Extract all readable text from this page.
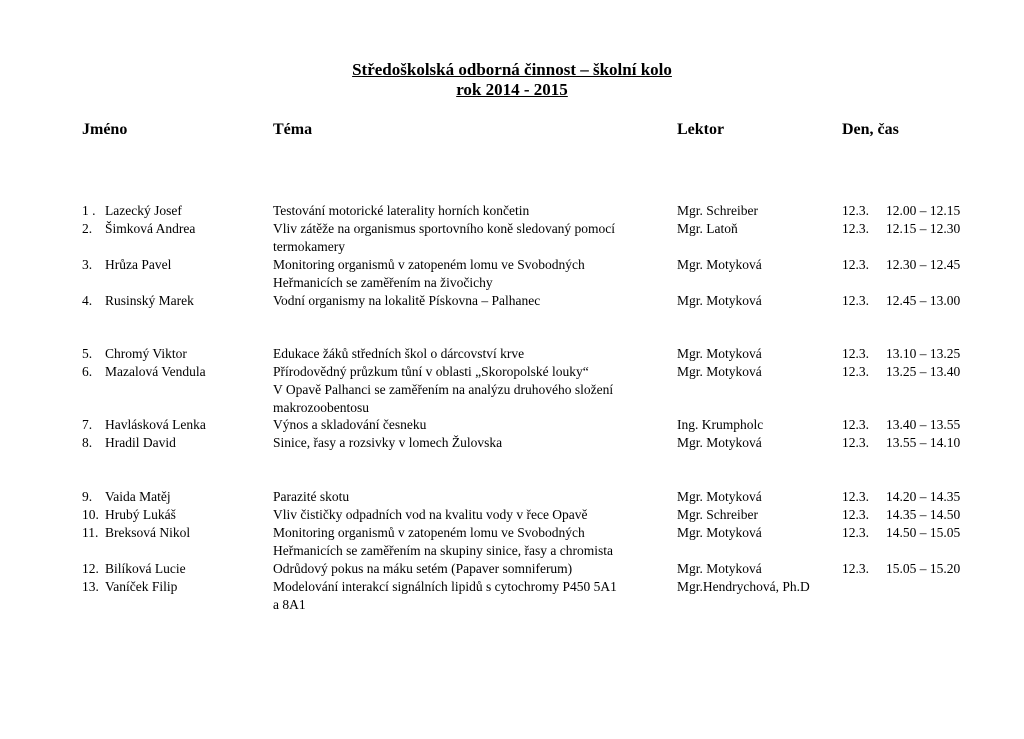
Středoškolská odborná činnost – školní kolo
rok 2014 - 2015
Jméno	Téma	Lektor	Den, čas
1 . Lazecký Josef	Testování motorické laterality horních končetin	Mgr. Schreiber	12.3. 12.00 – 12.15
2. Šimková Andrea	Vliv zátěže na organismus sportovního koně sledovaný pomocí
termokamery
Mgr. Latoň	12.3. 12.15 – 12.30
3. Hrůza Pavel	Monitoring organismů v zatopeném lomu ve Svobodných
Heřmanicích se zaměřením na živočichy
Mgr. Motyková	12.3. 12.30 – 12.45
4. Rusinský Marek	Vodní organismy na lokalitě Pískovna – Palhanec	Mgr. Motyková	12.3. 12.45 – 13.00
5. Chromý Viktor	Edukace žáků středních škol o dárcovství krve	Mgr. Motyková	12.3. 13.10 – 13.25
6. Mazalová Vendula	Přírodovědný průzkum tůní v oblasti „Skoropolské louky“
V Opavě Palhanci se zaměřením na analýzu druhového složení
makrozoobentosu
Mgr. Motyková	12.3. 13.25 – 13.40
7. Havlásková Lenka	Výnos a skladování česneku	Ing. Krumpholc	12.3. 13.40 – 13.55
8. Hradil David	Sinice, řasy a rozsivky v lomech Žulovska	Mgr. Motyková	12.3. 13.55 – 14.10
9. Vaida Matěj	Parazité skotu	Mgr. Motyková	12.3. 14.20 – 14.35
10. Hrubý Lukáš	Vliv čističky odpadních vod na kvalitu vody v řece Opavě	Mgr. Schreiber	12.3. 14.35 – 14.50
11. Breksová Nikol	Monitoring organismů v zatopeném lomu ve Svobodných
Heřmanicích se zaměřením na skupiny sinice, řasy a chromista
Mgr. Motyková	12.3. 14.50 – 15.05
12. Bilíková Lucie	Odrůdový pokus na máku setém (Papaver somniferum)	Mgr. Motyková	12.3. 15.05 – 15.20
13. Vaníček Filip	Modelování interakcí signálních lipidů s cytochromy P450 5A1
a 8A1
Mgr.Hendrychová, Ph.D
